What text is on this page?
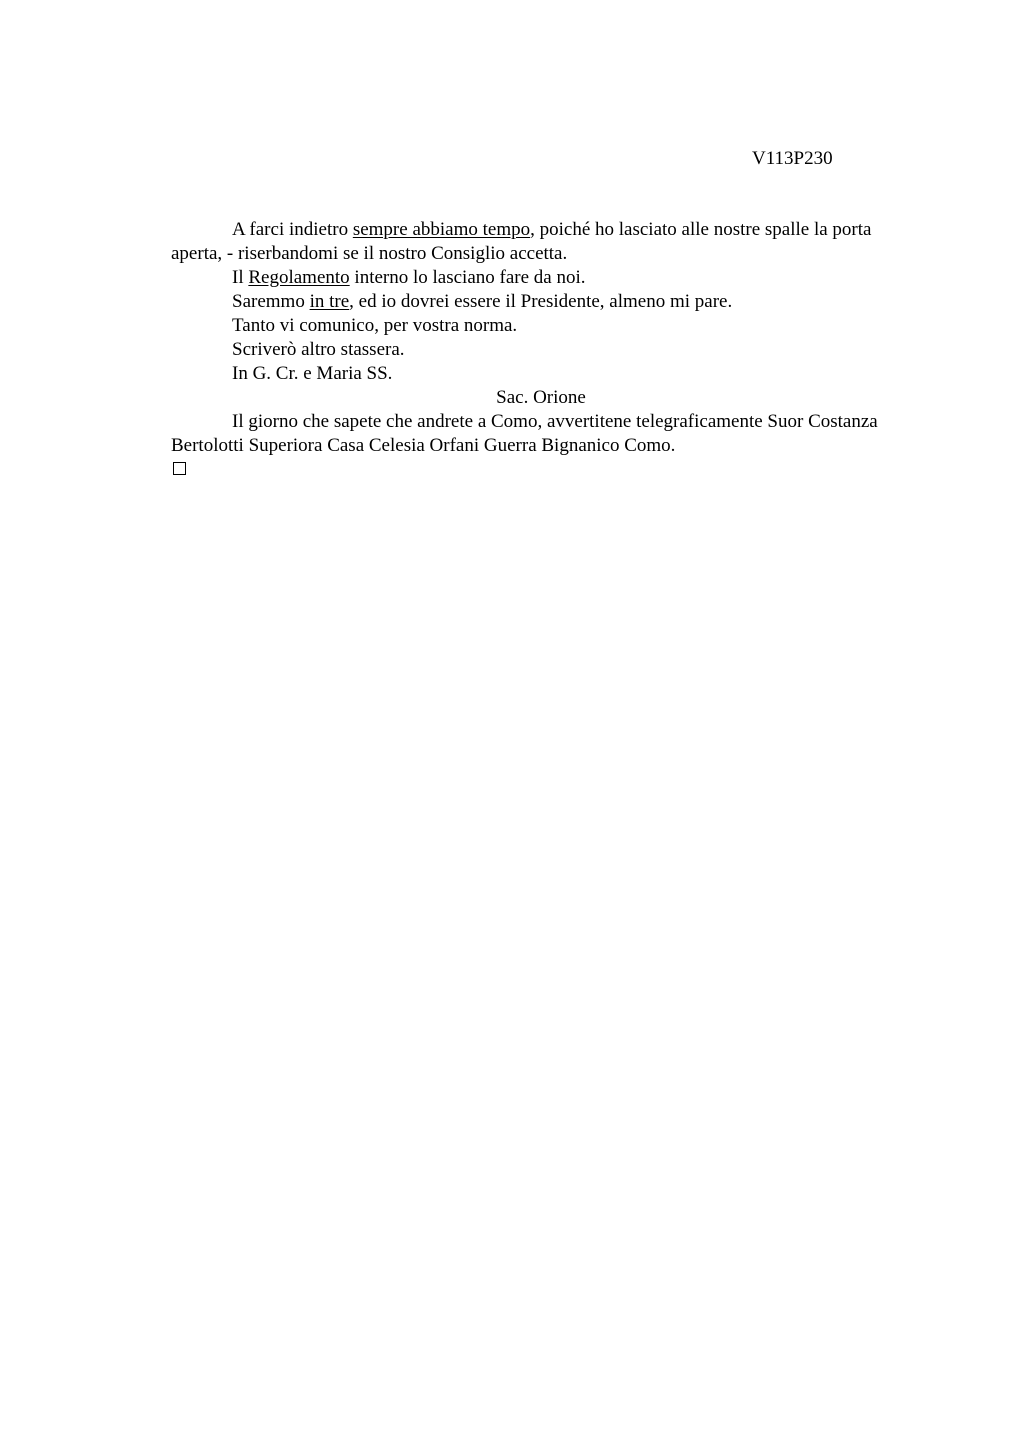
V113P230

A farci indietro sempre abbiamo tempo, poiché ho lasciato alle nostre spalle la porta aperta, - riserbandomi se il nostro Consiglio accetta.

Il Regolamento interno lo lasciano fare da noi.

Saremmo in tre, ed io dovrei essere il Presidente, almeno mi pare.

Tanto vi comunico, per vostra norma.

Scriverò altro stassera.

In G. Cr. e Maria SS.

Sac. Orione

Il giorno che sapete che andrete a Como, avvertitene telegraficamente Suor Costanza Bertolotti Superiora Casa Celesia Orfani Guerra Bignanico Como.
